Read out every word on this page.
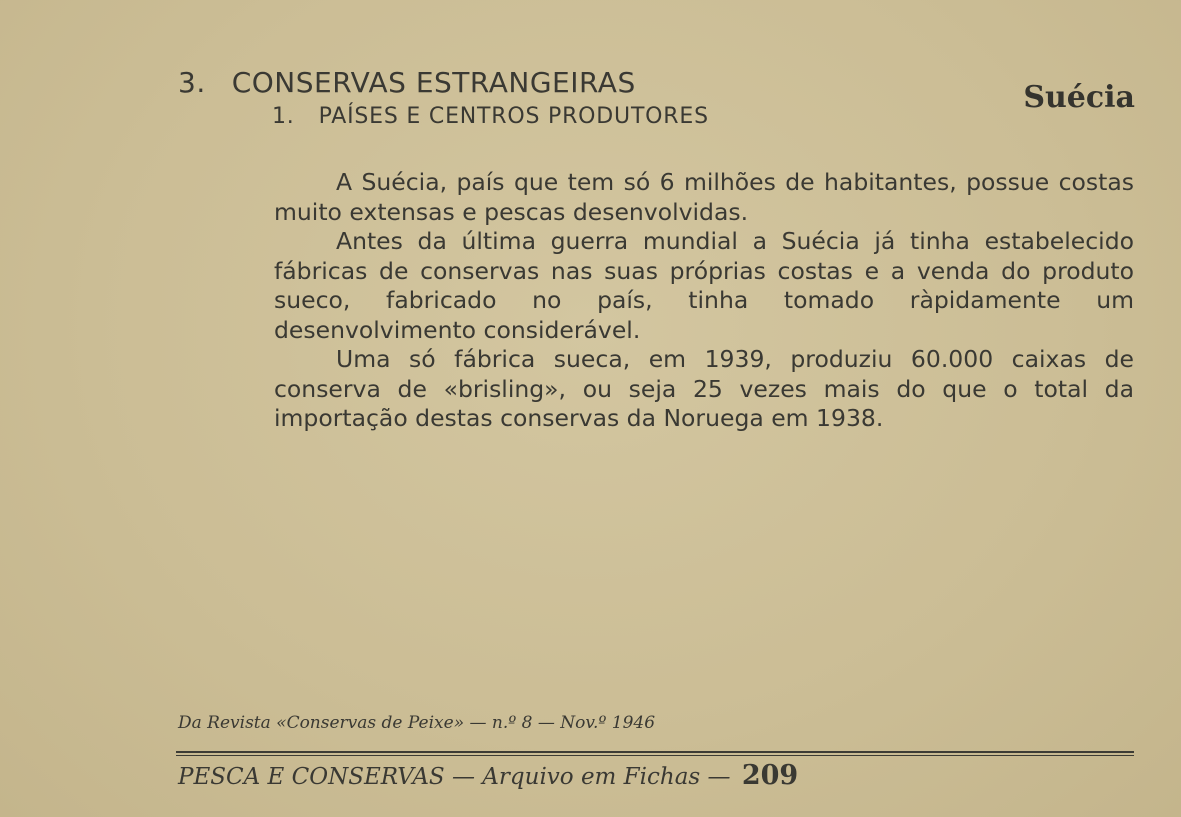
3. CONSERVAS ESTRANGEIRAS
1. PAÍSES E CENTROS PRODUTORES
Suécia

A Suécia, país que tem só 6 milhões de habitantes, possue costas muito extensas e pescas desenvolvidas.

Antes da última guerra mundial a Suécia já tinha estabelecido fábricas de conservas nas suas próprias costas e a venda do produto sueco, fabricado no país, tinha tomado ràpidamente um desenvolvimento considerável.

Uma só fábrica sueca, em 1939, produziu 60.000 caixas de conserva de «brisling», ou seja 25 vezes mais do que o total da importação destas conservas da Noruega em 1938.

Da Revista «Conservas de Peixe» — n.º 8 — Nov.º 1946
PESCA E CONSERVAS — Arquivo em Fichas — 209
